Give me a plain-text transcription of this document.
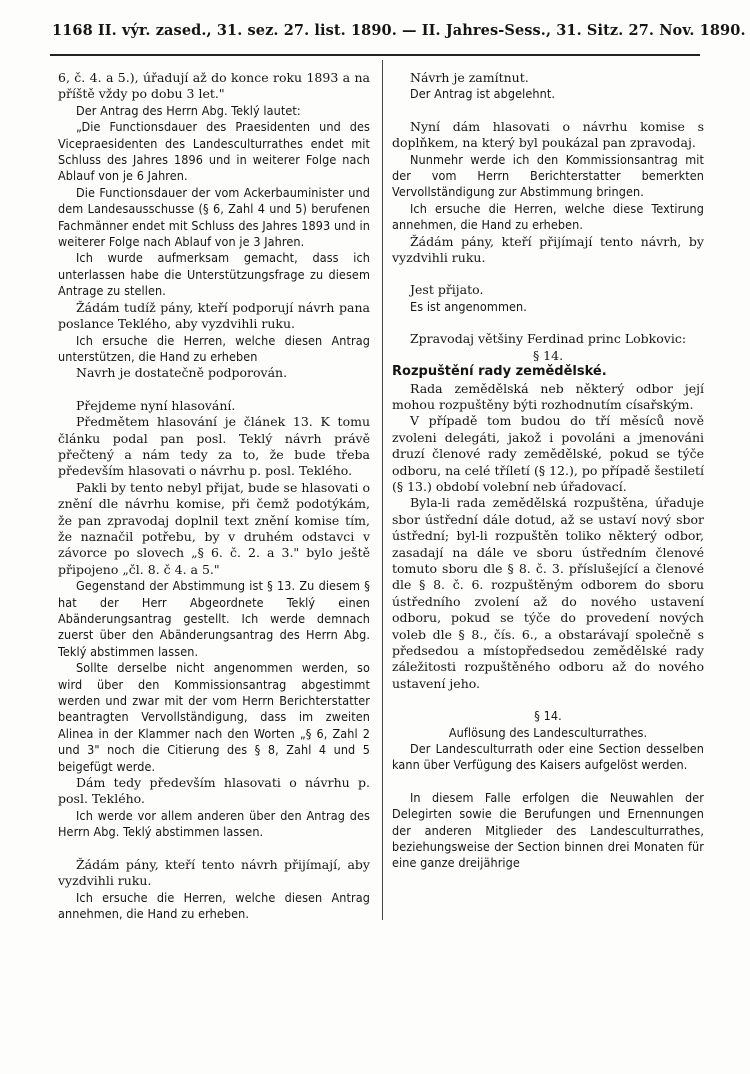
1168 II. výr. zased., 31. sez. 27. list. 1890. — II. Jahres-Sess., 31. Sitz. 27. Nov. 1890.

6, č. 4. a 5.), úřadují až do konce roku 1893 a na příště vždy po dobu 3 let."

Der Antrag des Herrn Abg. Teklý lautet:

„Die Functionsdauer des Praesidenten und des Vicepraesidenten des Landesculturrathes endet mit Schluss des Jahres 1896 und in weiterer Folge nach Ablauf von je 6 Jahren.

Die Functionsdauer der vom Ackerbauminister und dem Landesausschusse (§ 6, Zahl 4 und 5) berufenen Fachmänner endet mit Schluss des Jahres 1893 und in weiterer Folge nach Ablauf von je 3 Jahren.

Ich wurde aufmerksam gemacht, dass ich unterlassen habe die Unterstützungsfrage zu diesem Antrage zu stellen.

Žádám tudíž pány, kteří podporují návrh pana poslance Teklého, aby vyzdvihli ruku.

Ich ersuche die Herren, welche diesen Antrag unterstützen, die Hand zu erheben

Navrh je dostatečně podporován.

Přejdeme nyní hlasování.

Předmětem hlasování je článek 13. K tomu článku podal pan posl. Teklý návrh právě přečtený a nám tedy za to, že bude třeba především hlasovati o návrhu p. posl. Teklého.

Pakli by tento nebyl přijat, bude se hlasovati o znění dle návrhu komise, při čemž podotýkám, že pan zpravodaj doplnil text znění komise tím, že naznačil potřebu, by v druhém odstavci v závorce po slovech „§ 6. č. 2. a 3." bylo ještě připojeno „čl. 8. č 4. a 5."

Gegenstand der Abstimmung ist § 13. Zu diesem § hat der Herr Abgeordnete Teklý einen Abänderungsantrag gestellt. Ich werde demnach zuerst über den Abänderungsantrag des Herrn Abg. Teklý abstimmen lassen.

Sollte derselbe nicht angenommen werden, so wird über den Kommissionsantrag abgestimmt werden und zwar mit der vom Herrn Berichterstatter beantragten Vervollständigung, dass im zweiten Alinea in der Klammer nach den Worten „§ 6, Zahl 2 und 3" noch die Citierung des § 8, Zahl 4 und 5 beigefügt werde.

Dám tedy především hlasovati o návrhu p. posl. Teklého.

Ich werde vor allem anderen über den Antrag des Herrn Abg. Teklý abstimmen lassen.

Žádám pány, kteří tento návrh přijímají, aby vyzdvihli ruku.

Ich ersuche die Herren, welche diesen Antrag annehmen, die Hand zu erheben.

Návrh je zamítnut.

Der Antrag ist abgelehnt.

Nyní dám hlasovati o návrhu komise s doplňkem, na který byl poukázal pan zpravodaj.

Nunmehr werde ich den Kommissionsantrag mit der vom Herrn Berichterstatter bemerkten Vervollständigung zur Abstimmung bringen.

Ich ersuche die Herren, welche diese Textirung annehmen, die Hand zu erheben.

Žádám pány, kteří přijímají tento návrh, by vyzdvihli ruku.

Jest přijato.

Es ist angenommen.

Zpravodaj většiny Ferdinad princ Lobkovic:

§ 14.

Rozpuštění rady zemědělské.

Rada zemědělská neb některý odbor její mohou rozpuštěny býti rozhodnutím císařským.

V případě tom budou do tří měsíců nově zvoleni delegáti, jakož i povoláni a jmenováni druzí členové rady zemědělské, pokud se týče odboru, na celé tříletí (§ 12.), po případě šestiletí (§ 13.) období volební neb úřadovací.

Byla-li rada zemědělská rozpuštěna, úřaduje sbor ústřední dále dotud, až se ustaví nový sbor ústřední; byl-li rozpuštěn toliko některý odbor, zasadají na dále ve sboru ústředním členové tomuto sboru dle § 8. č. 3. příslušející a členové dle § 8. č. 6. rozpuštěným odborem do sboru ústředního zvolení až do nového ustavení odboru, pokud se týče do provedení nových voleb dle § 8., čís. 6., a obstarávají společně s předsedou a místopředsedou zemědělské rady záležitosti rozpuštěného odboru až do nového ustavení jeho.

§ 14.

Auflösung des Landesculturrathes.

Der Landesculturrath oder eine Section desselben kann über Verfügung des Kaisers aufgelöst werden.

In diesem Falle erfolgen die Neuwahlen der Delegirten sowie die Berufungen und Ernennungen der anderen Mitglieder des Landesculturrathes, beziehungsweise der Section binnen drei Monaten für eine ganze dreijährige
